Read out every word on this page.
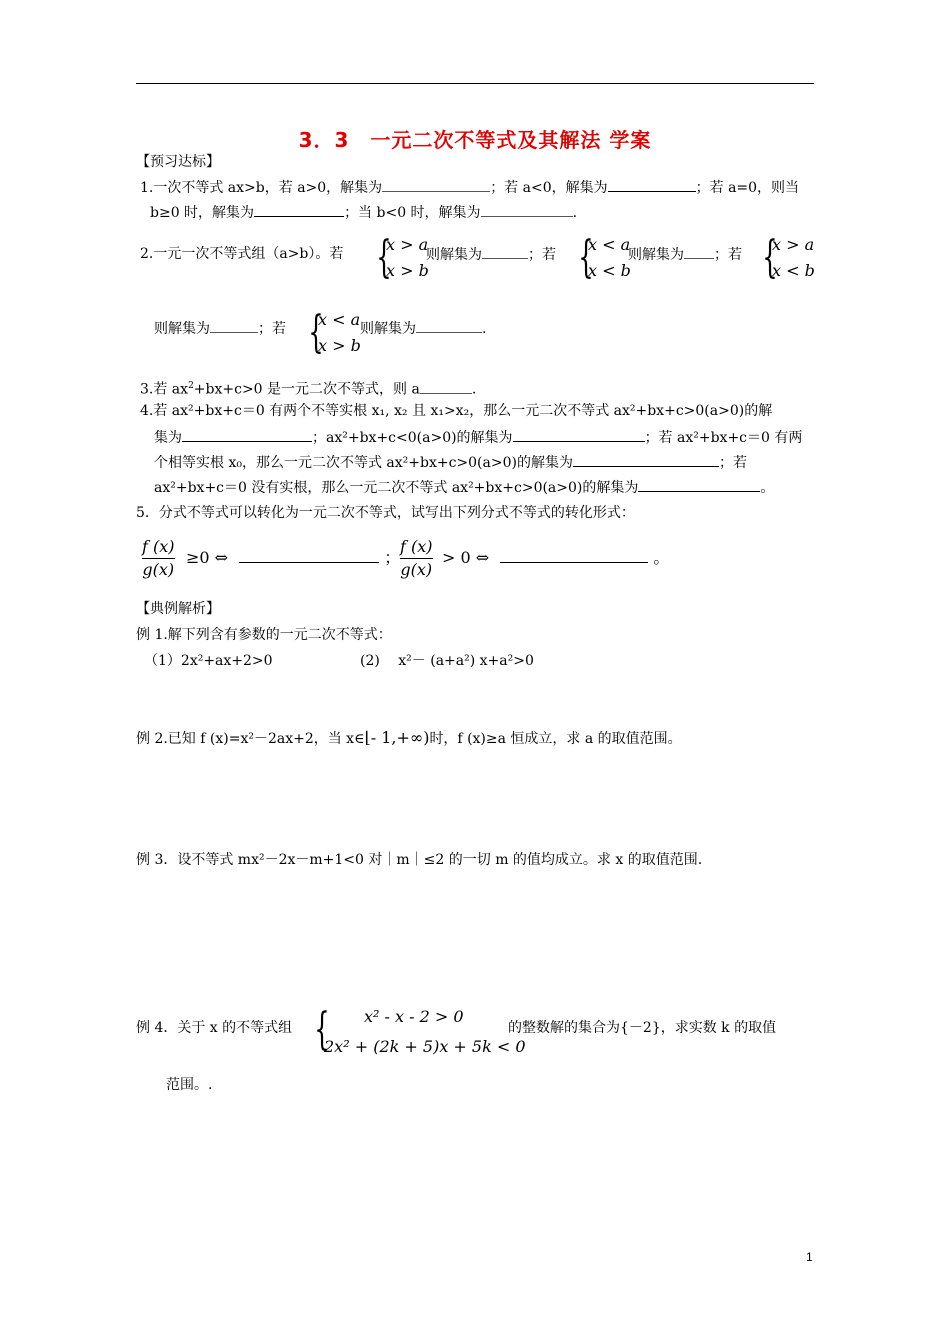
3．3　一元二次不等式及其解法 学案
【预习达标】
1.一次不等式 ax>b，若 a>0，解集为	；若 a<0，解集为	；若 a=0，则当
b≥0 时，解集为	；当 b<0 时，解集为	.
2.一元一次不等式组（a>b）。若 {
x > a
x > b
则解集为	；若 {
x < a
x < b
则解集为 ；若 {
x > a
x < b
则解集为	；若 {
x < a
x > b
则解集为	.
3.若 $ax^2+bx+c>0$ 是一元二次不等式，则 a	.
4.若 ax²+bx+c＝0 有两个不等实根 x₁, x₂ 且 x₁>x₂，那么一元二次不等式 ax²+bx+c>0(a>0)的解
集为	；ax²+bx+c<0(a>0)的解集为	；若 ax²+bx+c＝0 有两
个相等实根 x₀，那么一元二次不等式 ax²+bx+c>0(a>0)的解集为	；若
ax²+bx+c＝0 没有实根，那么一元二次不等式 ax²+bx+c>0(a>0)的解集为	。
5．分式不等式可以转化为一元二次不等式，试写出下列分式不等式的转化形式：
f (x)
g(x)
≥0 ⇔	；
f (x)
g(x)
> 0 ⇔	。
【典例解析】
例 1.解下列含有参数的一元二次不等式：
（1）2x²+ax+2>0	(2)　 x²－ (a+a²) x+a²>0
例 2.已知 f (x)=x²－2ax+2，当 x∈⌊- 1,+∞)时，f (x)≥a 恒成立，求 a 的取值范围。
例 3．设不等式 mx²－2x－m+1<0 对｜m｜≤2 的一切 m 的值均成立。求 x 的取值范围.
例 4．关于 x 的不等式组 {	x² - x - 2 > 0
2x² + (2k + 5)x + 5k < 0
的整数解的集合为{－2}，求实数 k 的取值
范围。.
1
